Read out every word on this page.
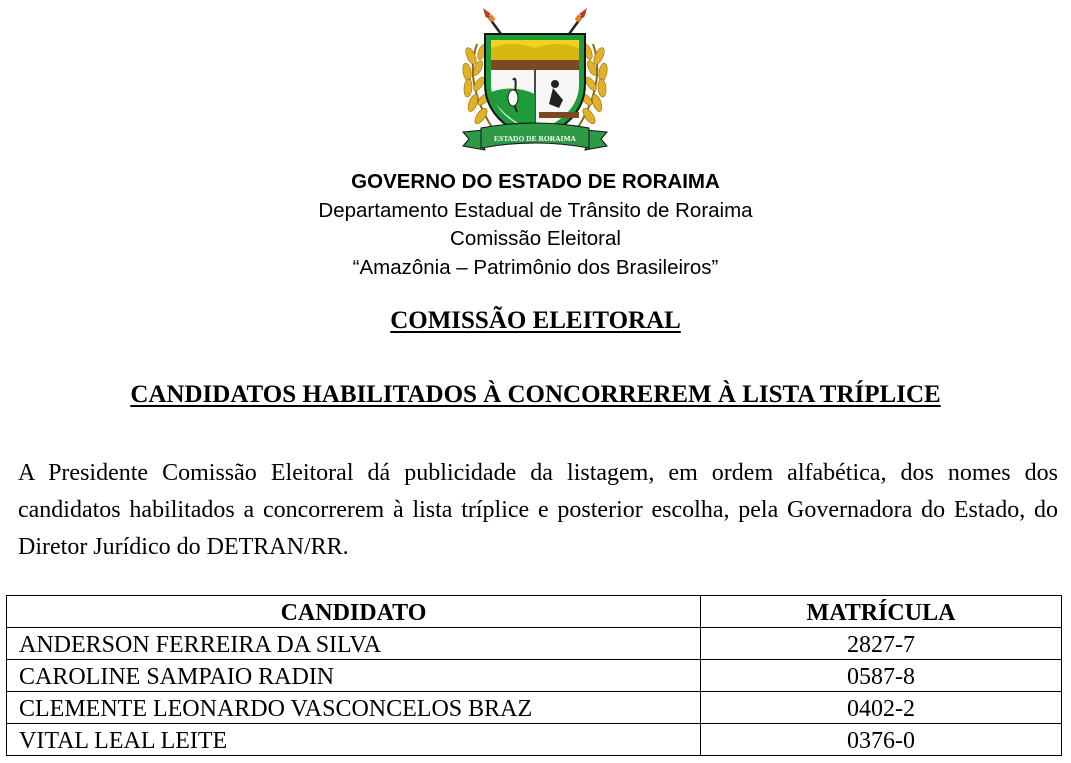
ESTADO DE RORAIMA
GOVERNO DO ESTADO DE RORAIMA
Departamento Estadual de Trânsito de Roraima
Comissão Eleitoral
“Amazônia – Patrimônio dos Brasileiros”
COMISSÃO ELEITORAL
CANDIDATOS HABILITADOS À CONCORREREM À LISTA TRÍPLICE

A Presidente Comissão Eleitoral dá publicidade da listagem, em ordem alfabética, dos nomes dos candidatos habilitados a concorrerem à lista tríplice e posterior escolha, pela Governadora do Estado, do Diretor Jurídico do DETRAN/RR.

CANDIDATO	MATRÍCULA
ANDERSON FERREIRA DA SILVA	2827-7
CAROLINE SAMPAIO RADIN	0587-8
CLEMENTE LEONARDO VASCONCELOS BRAZ	0402-2
VITAL LEAL LEITE	0376-0
